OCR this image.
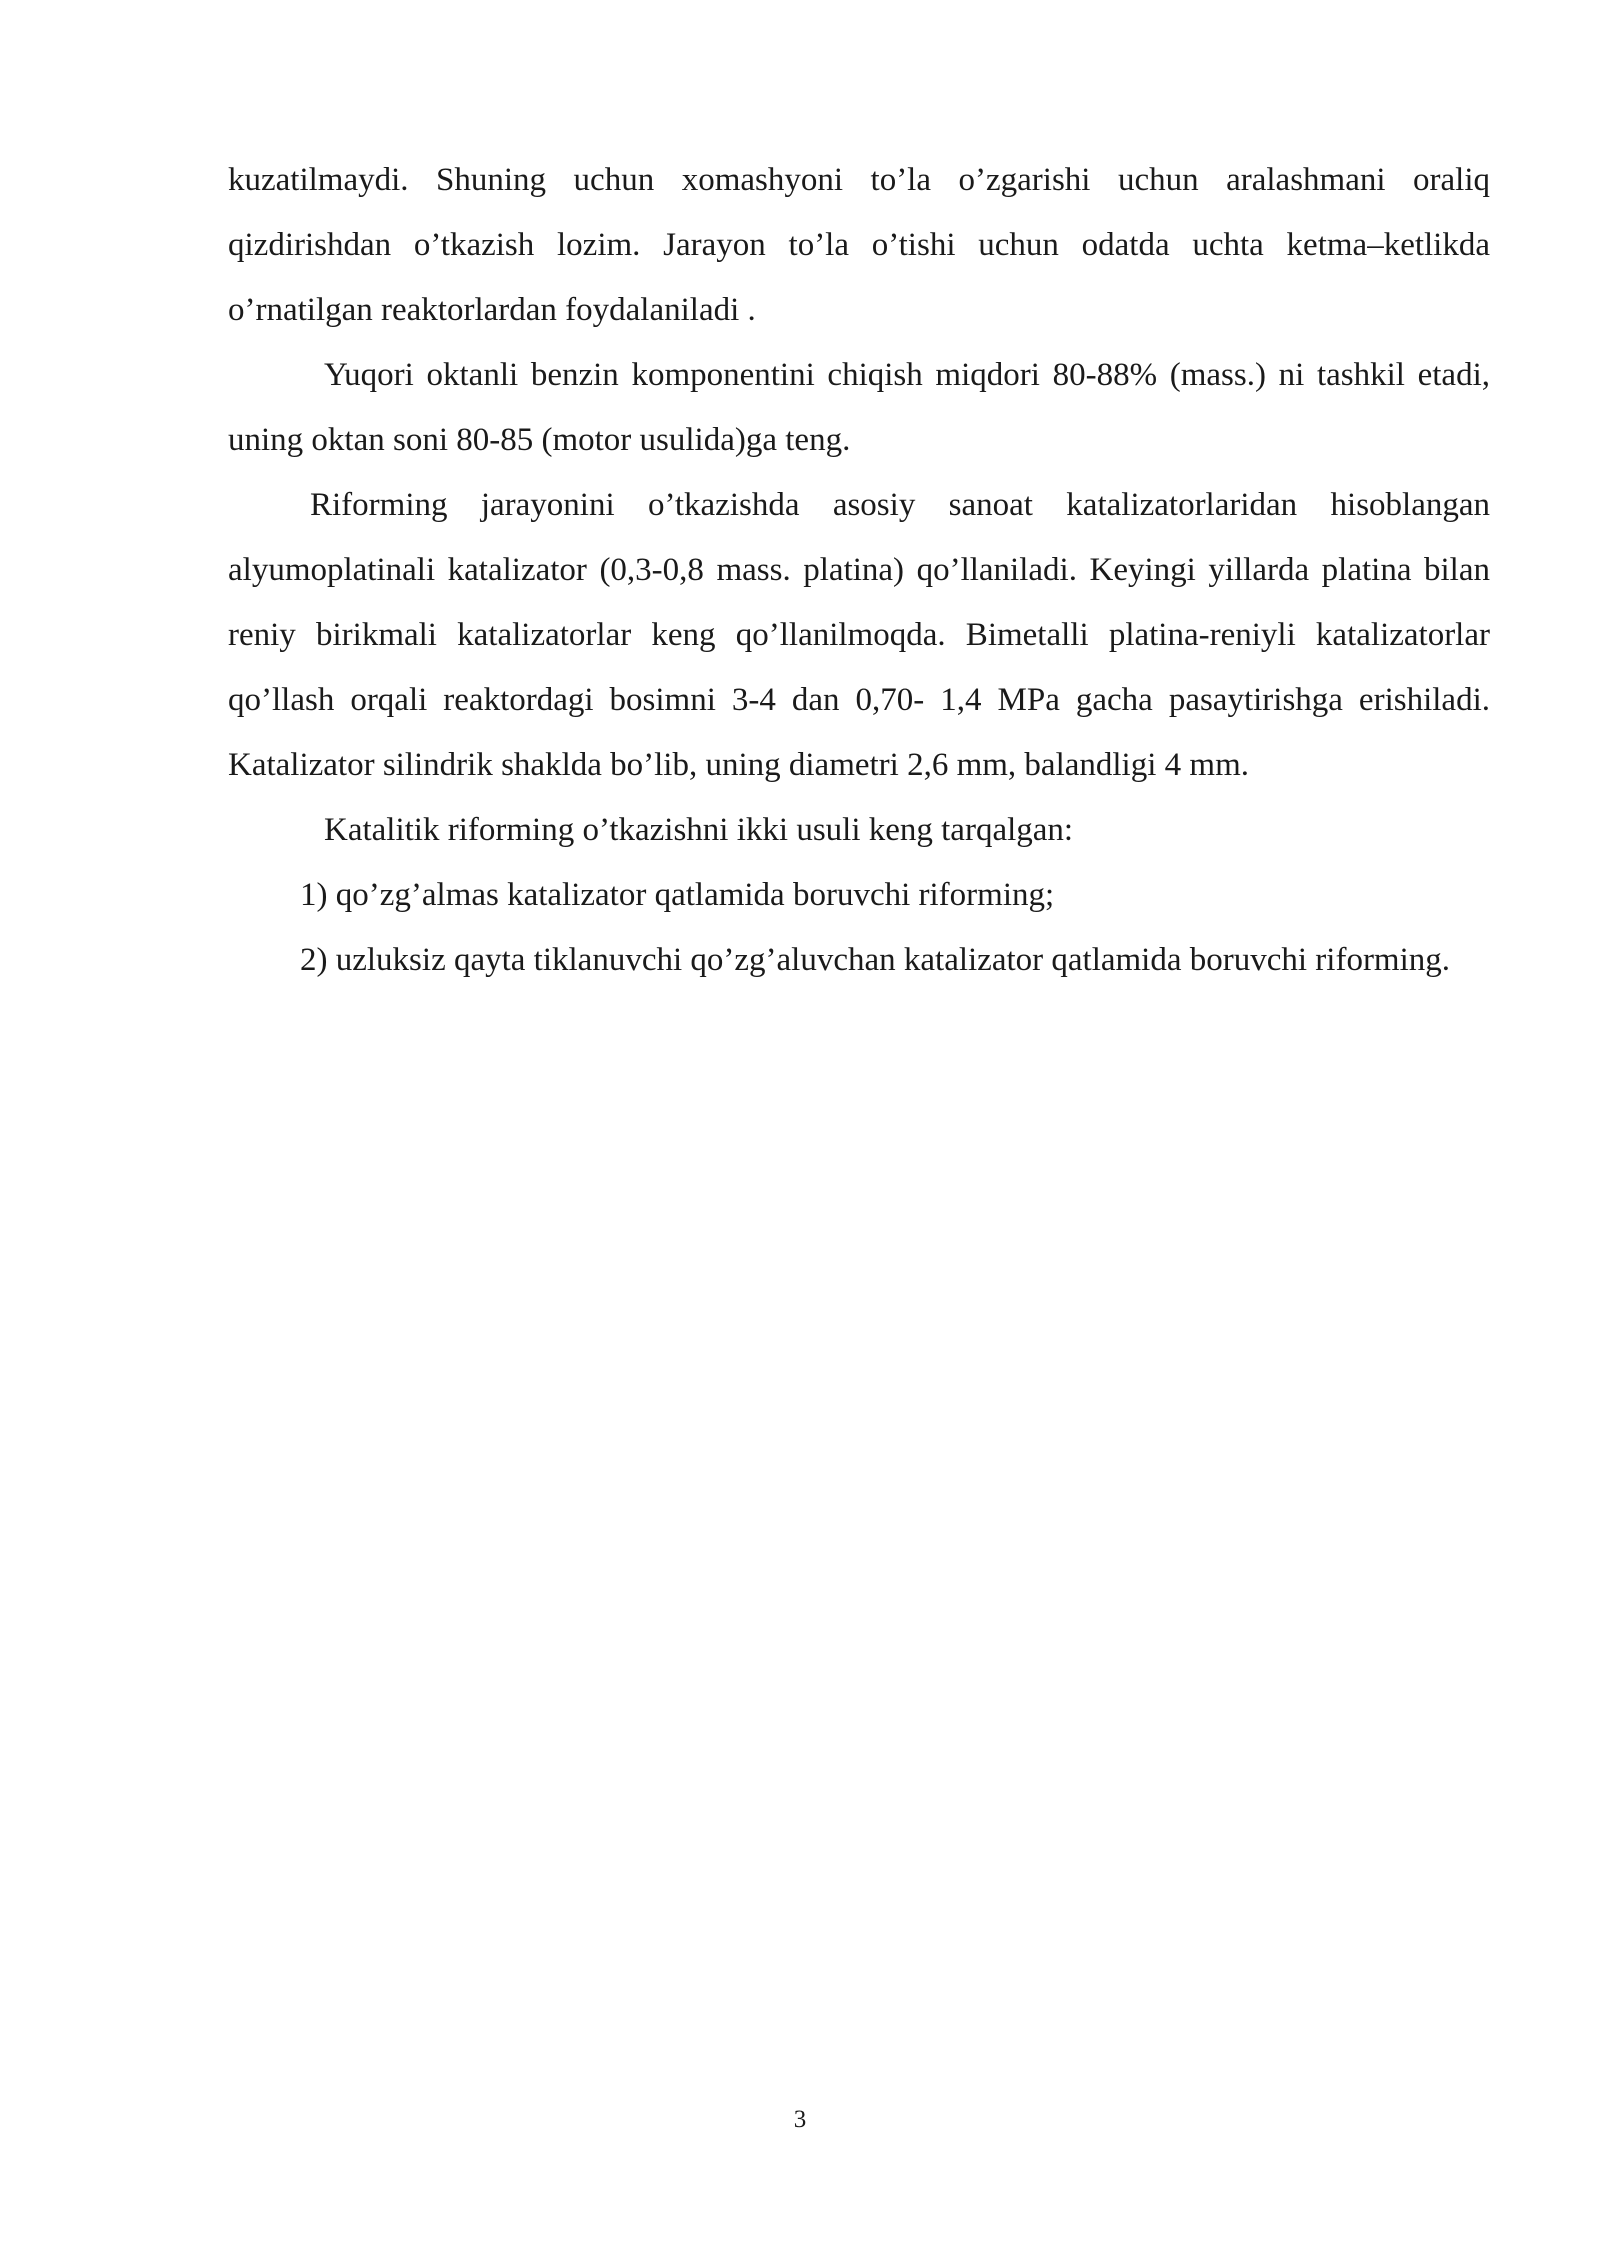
kuzatilmaydi. Shuning uchun xomashyoni to’la o’zgarishi uchun aralashmani oraliq qizdirishdan o’tkazish lozim. Jarayon to’la o’tishi uchun odatda uchta ketma–ketlikda o’rnatilgan reaktorlardan foydalaniladi .

Yuqori oktanli benzin komponentini chiqish miqdori 80-88% (mass.) ni tashkil etadi, uning oktan soni 80-85 (motor usulida)ga teng.

Riforming jarayonini o’tkazishda asosiy sanoat katalizatorlaridan hisoblangan alyumoplatinali katalizator (0,3-0,8 mass. platina) qo’llaniladi. Keyingi yillarda platina bilan reniy birikmali katalizatorlar keng qo’llanilmoqda. Bimetalli platina-reniyli katalizatorlar qo’llash orqali reaktordagi bosimni 3-4 dan 0,70- 1,4 MPa gacha pasaytirishga erishiladi. Katalizator silindrik shaklda bo’lib, uning diametri 2,6 mm, balandligi 4 mm.

Katalitik riforming o’tkazishni ikki usuli keng tarqalgan:

1) qo’zg’almas katalizator qatlamida boruvchi riforming;

2) uzluksiz qayta tiklanuvchi qo’zg’aluvchan katalizator qatlamida boruvchi riforming.

3
